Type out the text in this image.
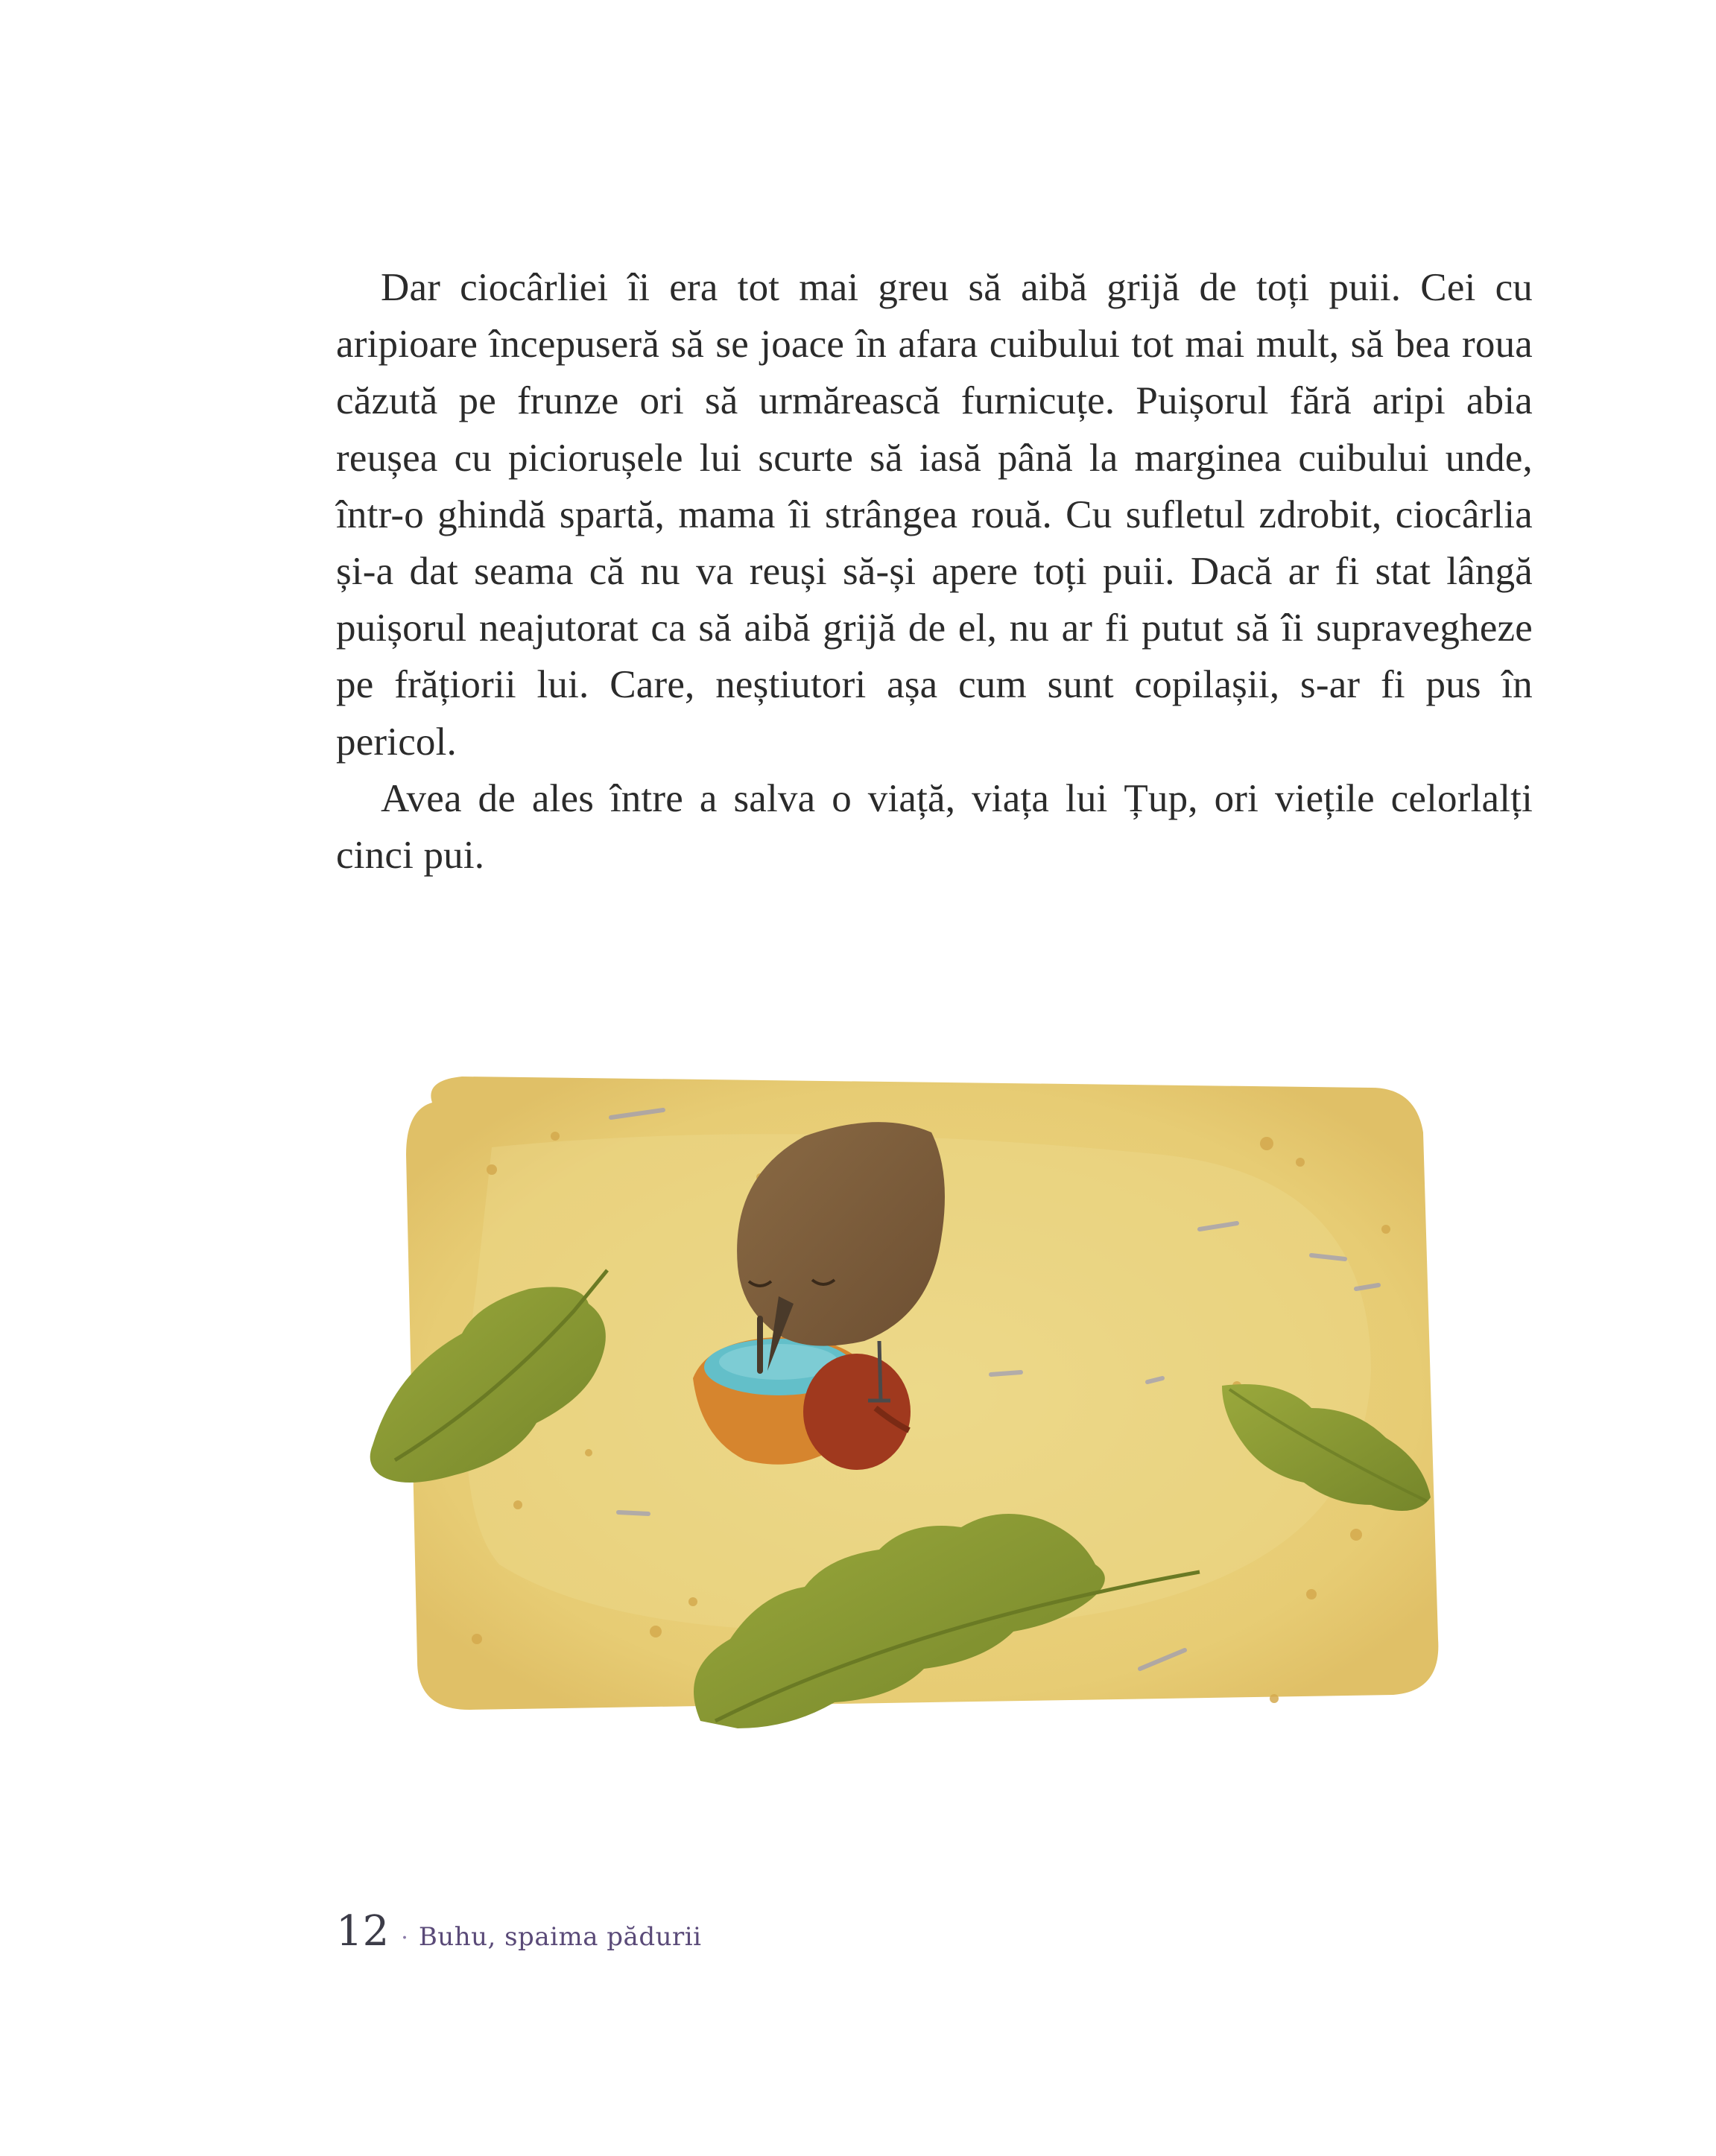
Dar ciocârliei îi era tot mai greu să aibă grijă de toți puii. Cei cu aripioare începuseră să se joace în afara cuibului tot mai mult, să bea roua căzută pe frunze ori să urmărească furnicuțe. Puișorul fără aripi abia reușea cu piciorușele lui scurte să iasă până la marginea cuibului unde, într-o ghindă spartă, mama îi strângea rouă. Cu sufletul zdrobit, ciocârlia și-a dat seama că nu va reuși să-și apere toți puii. Dacă ar fi stat lângă puișorul neajutorat ca să aibă grijă de el, nu ar fi putut să îi supravegheze pe frățiorii lui. Care, neștiutori așa cum sunt copilașii, s-ar fi pus în pericol.

Avea de ales între a salva o viață, viața lui Țup, ori viețile celorlalți cinci pui.

12 · Buhu, spaima pădurii
